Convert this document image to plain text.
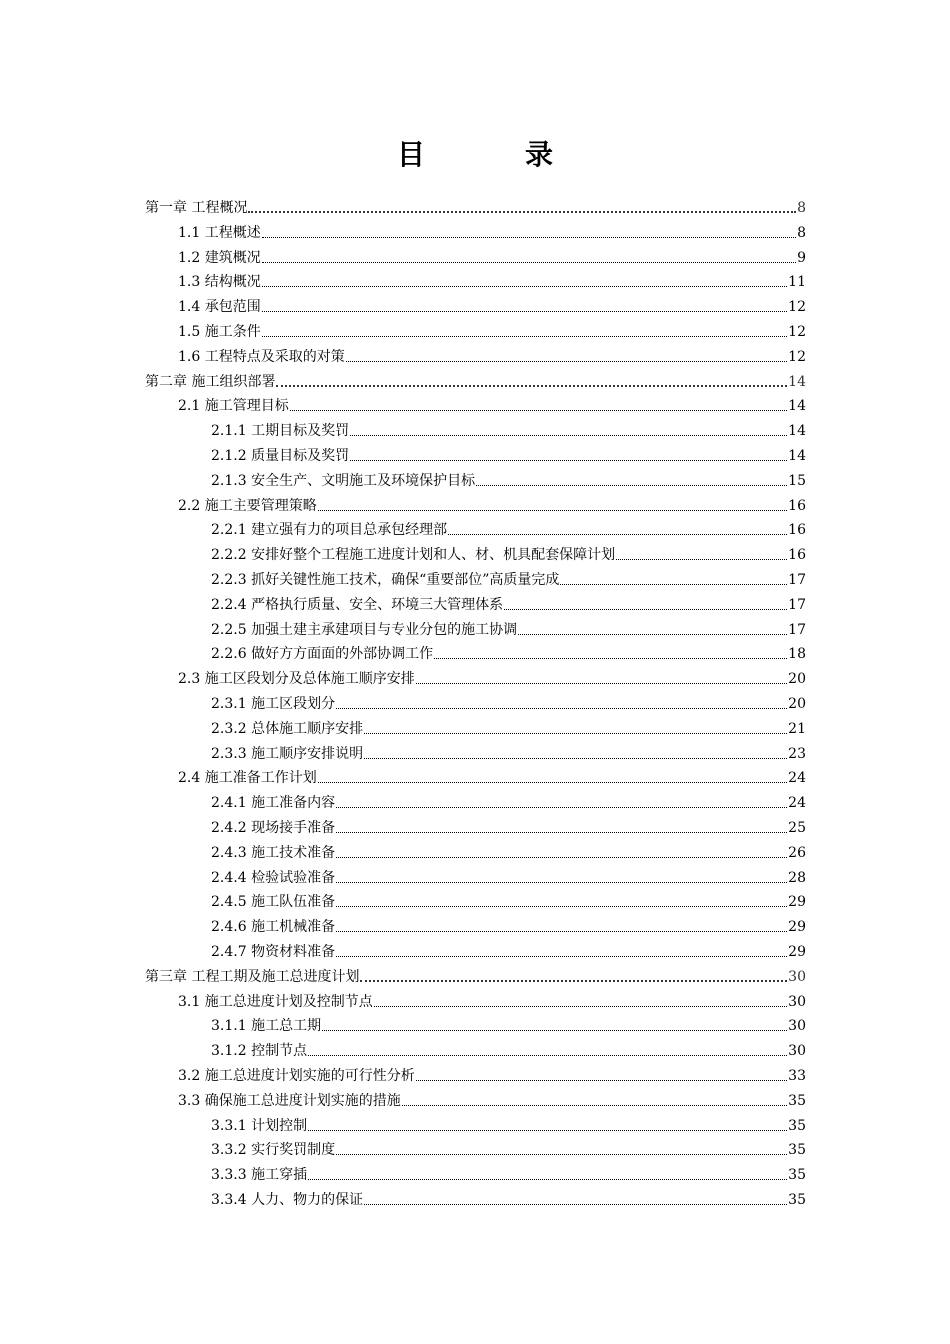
目　录
第一章 工程概况	8
1.1 工程概述	8
1.2 建筑概况	9
1.3 结构概况	11
1.4 承包范围	12
1.5 施工条件	12
1.6 工程特点及采取的对策	12
第二章 施工组织部署	14
2.1 施工管理目标	14
2.1.1 工期目标及奖罚	14
2.1.2 质量目标及奖罚	14
2.1.3 安全生产、文明施工及环境保护目标	15
2.2 施工主要管理策略	16
2.2.1 建立强有力的项目总承包经理部	16
2.2.2 安排好整个工程施工进度计划和人、材、机具配套保障计划	16
2.2.3 抓好关键性施工技术，确保“重要部位”高质量完成	17
2.2.4 严格执行质量、安全、环境三大管理体系	17
2.2.5 加强土建主承建项目与专业分包的施工协调	17
2.2.6 做好方方面面的外部协调工作	18
2.3 施工区段划分及总体施工顺序安排	20
2.3.1 施工区段划分	20
2.3.2 总体施工顺序安排	21
2.3.3 施工顺序安排说明	23
2.4 施工准备工作计划	24
2.4.1 施工准备内容	24
2.4.2 现场接手准备	25
2.4.3 施工技术准备	26
2.4.4 检验试验准备	28
2.4.5 施工队伍准备	29
2.4.6 施工机械准备	29
2.4.7 物资材料准备	29
第三章 工程工期及施工总进度计划	30
3.1 施工总进度计划及控制节点	30
3.1.1 施工总工期	30
3.1.2 控制节点	30
3.2 施工总进度计划实施的可行性分析	33
3.3 确保施工总进度计划实施的措施	35
3.3.1 计划控制	35
3.3.2 实行奖罚制度	35
3.3.3 施工穿插	35
3.3.4 人力、物力的保证	35
